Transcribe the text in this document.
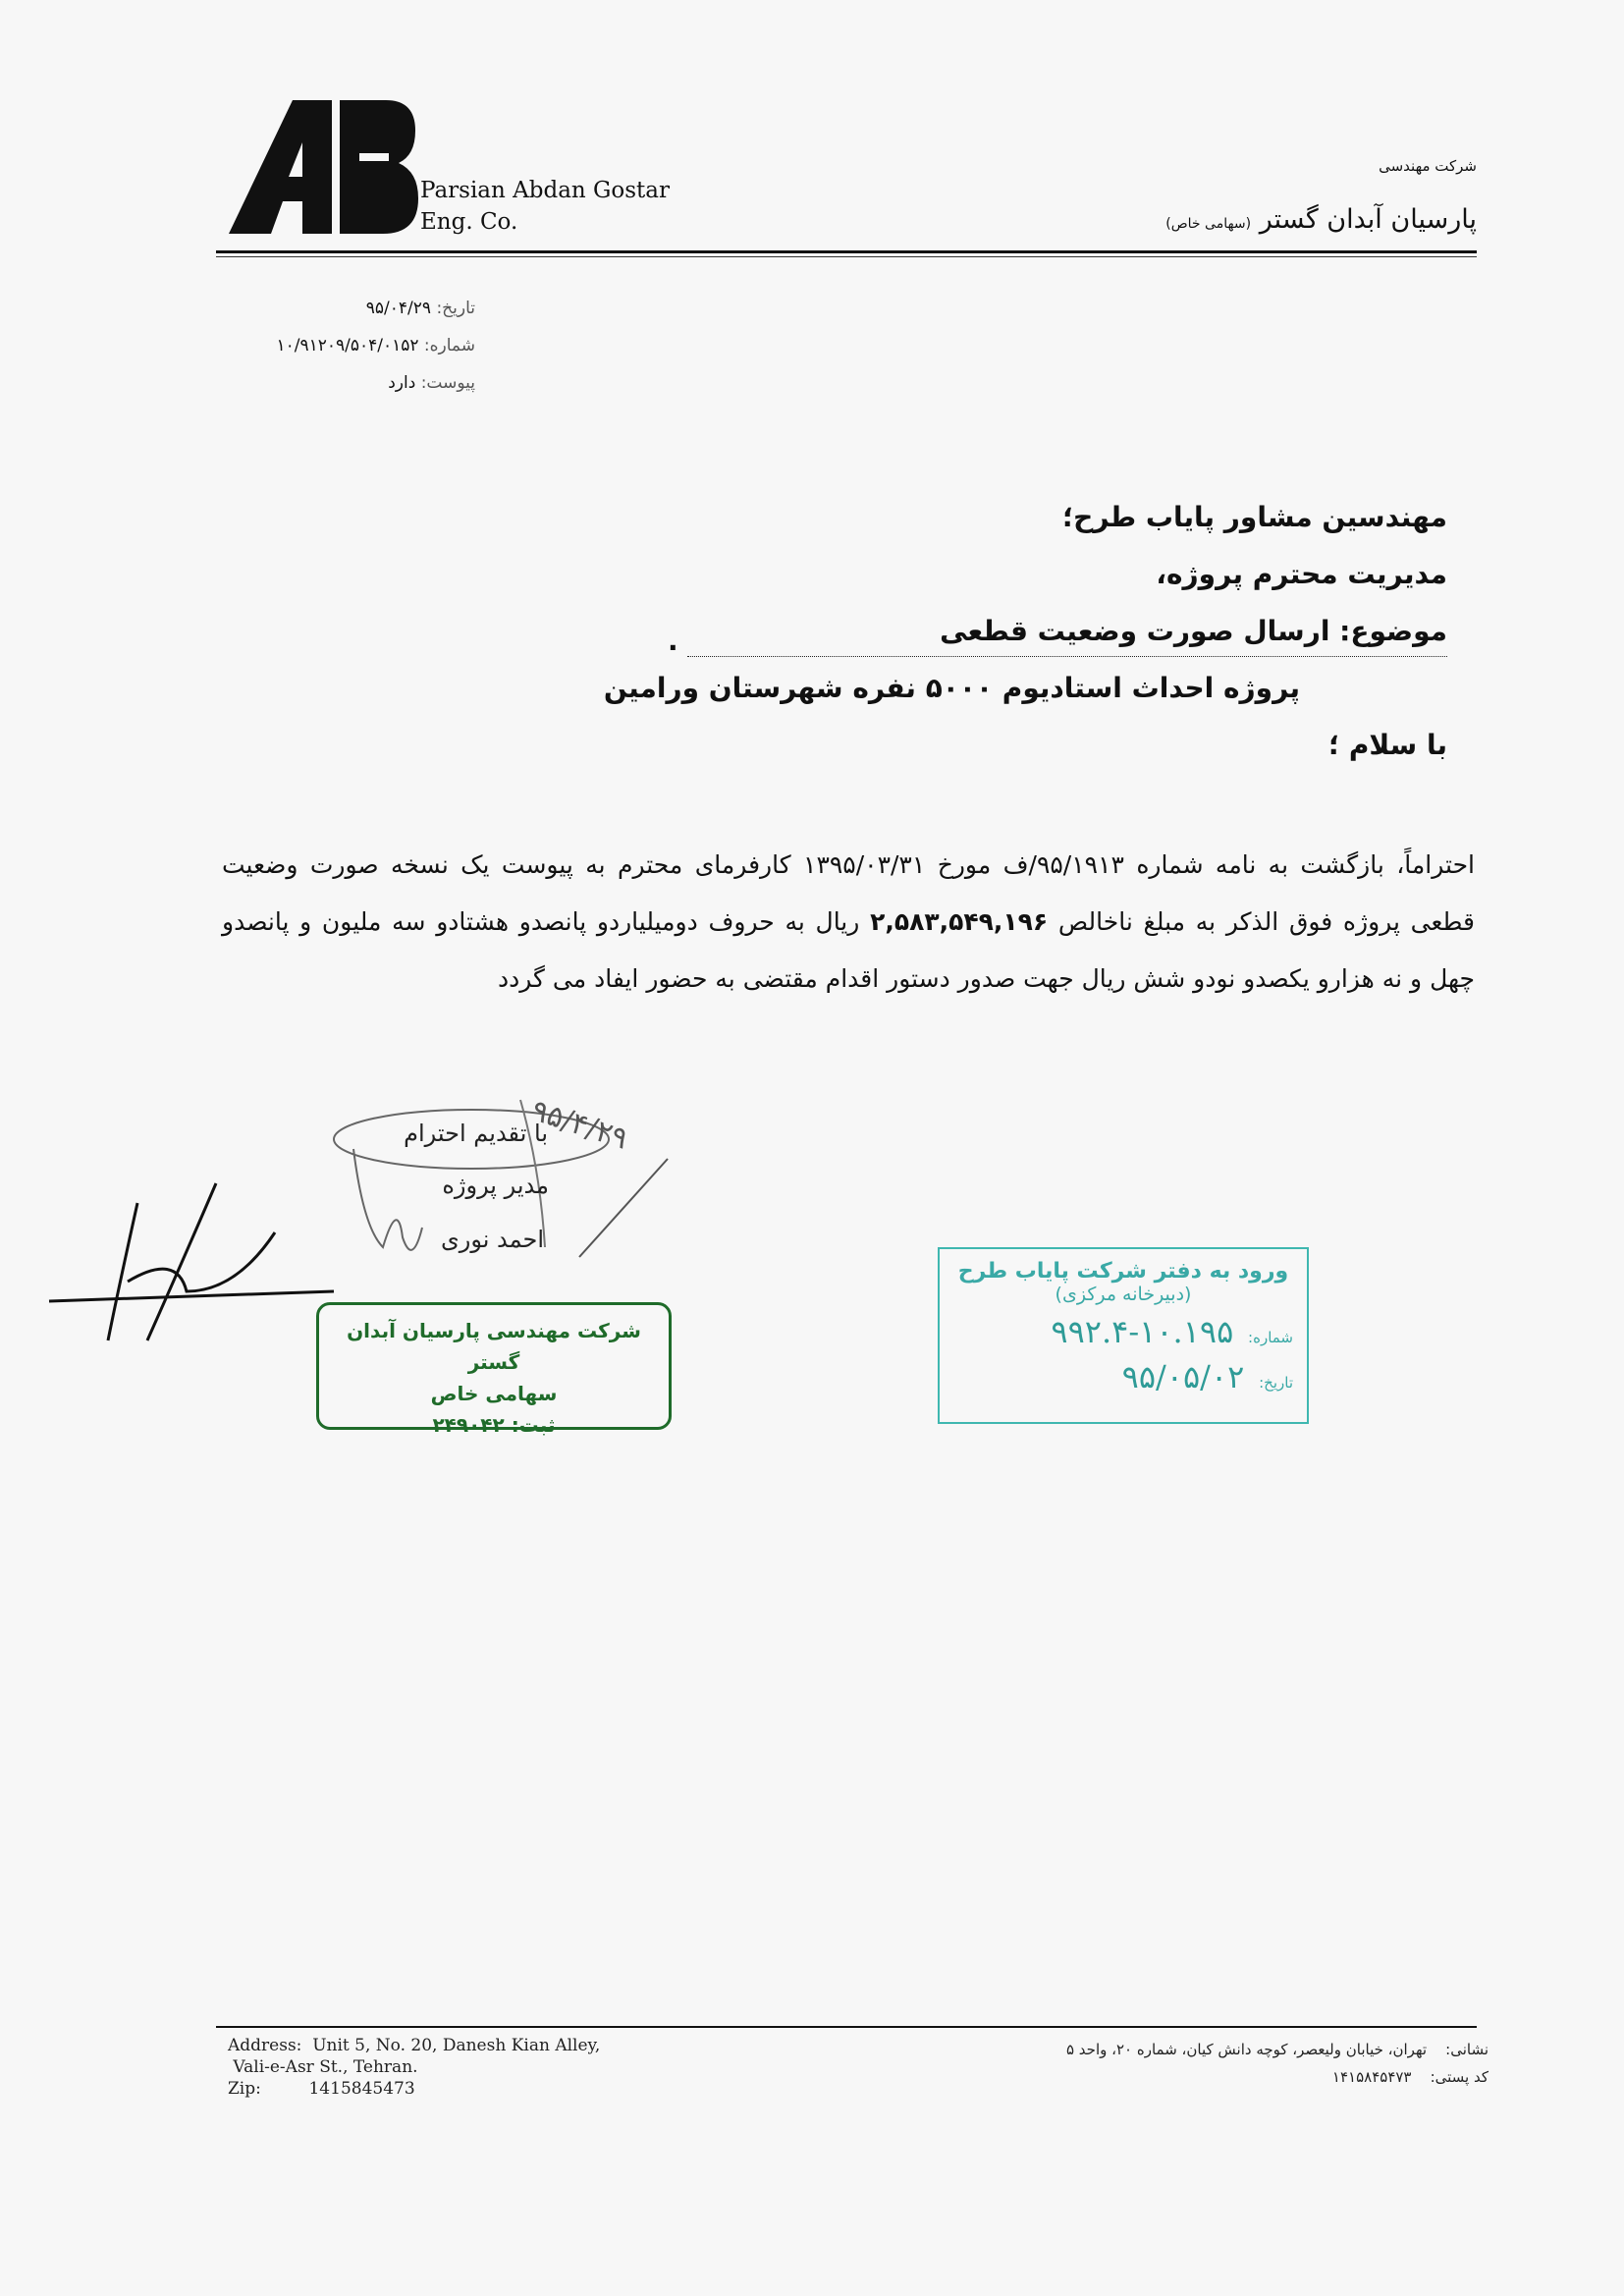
Parsian Abdan Gostar
Eng. Co.
شرکت مهندسی
پارسیان آبدان گستر (سهامی خاص)
تاریخ: ۹۵/۰۴/۲۹
شماره: ۱۰/۹۱۲۰۹/۵۰۴/۰۱۵۲
پیوست: دارد
مهندسین مشاور پایاب طرح؛
مدیریت محترم پروژه،
موضوع: ارسال صورت وضعیت قطعی
.
پروژه احداث استادیوم ۵۰۰۰ نفره شهرستان ورامین
با سلام ؛
احتراماً، بازگشت به نامه شماره ۹۵/۱۹۱۳/ف مورخ ۱۳۹۵/۰۳/۳۱ کارفرمای محترم به پیوست یک نسخه صورت وضعیت قطعی پروژه فوق الذکر به مبلغ ناخالص ۲,۵۸۳,۵۴۹,۱۹۶ ریال به حروف دومیلیاردو پانصدو هشتادو سه ملیون و پانصدو چهل و نه هزارو یکصدو نودو شش ریال جهت صدور دستور اقدام مقتضی به حضور ایفاد می گردد
۹۵/۴/۲۹
با تقدیم احترام
مدیر پروژه
احمد نوری
شرکت مهندسی پارسیان آبدان گستر
سهامی خاص
ثبت: ۲۴۹۰۴۲
ورود به دفتر شرکت پایاب طرح
(دبیرخانه مرکزی)
شماره: ۱۰.۱۹۵-۹۹۲.۴
تاریخ: ۹۵/۰۵/۰۲
Address:  Unit 5, No. 20, Danesh Kian Alley,
Vali-e-Asr St., Tehran.
Zip:         1415845473
نشانی:    تهران، خیابان ولیعصر، کوچه دانش کیان، شماره ۲۰، واحد ۵
کد پستی:    ۱۴۱۵۸۴۵۴۷۳
